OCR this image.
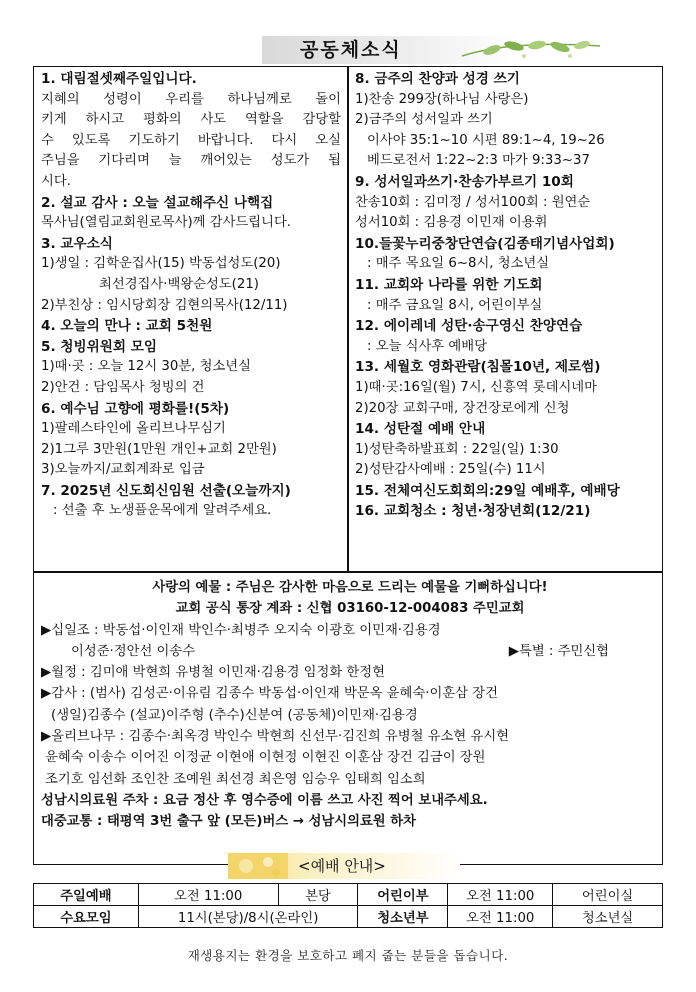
공동체소식
1. 대림절셋째주일입니다.
지혜의 성령이 우리를 하나님께로 돌이
키게 하시고 평화의 사도 역할을 감당할
수 있도록 기도하기 바랍니다. 다시 오실
주님을 기다리며 늘 깨어있는 성도가 됩
시다.
2. 설교 감사 : 오늘 설교해주신 나핵집
목사님(열림교회원로목사)께 감사드립니다.
3. 교우소식
1)생일 : 김학운집사(15) 박동섭성도(20)
최선경집사·백왕순성도(21)
2)부친상 : 임시당회장 김현의목사(12/11)
4. 오늘의 만나 : 교회 5천원
5. 청빙위원회 모임
1)때·곳 : 오늘 12시 30분, 청소년실
2)안건 : 담임목사 청빙의 건
6. 예수님 고향에 평화를!(5차)
1)팔레스타인에 올리브나무심기
2)1그루 3만원(1만원 개인+교회 2만원)
3)오늘까지/교회계좌로 입금
7. 2025년 신도회신임원 선출(오늘까지)
: 선출 후 노생플운목에게 알려주세요.
8. 금주의 찬양과 성경 쓰기
1)찬송 299장(하나님 사랑은)
2)금주의 성서일과 쓰기
이사야 35:1~10 시편 89:1~4, 19~26
베드로전서 1:22~2:3 마가 9:33~37
9. 성서일과쓰기·찬송가부르기 10회
찬송10회 : 김미정 / 성서100회 : 원연순
성서10회 : 김용경 이민재 이용휘
10.들꽃누리중창단연습(김종태기념사업회)
: 매주 목요일 6~8시, 청소년실
11. 교회와 나라를 위한 기도회
: 매주 금요일 8시, 어린이부실
12. 에이레네 성탄·송구영신 찬양연습
: 오늘 식사후 예배당
13. 세월호 영화관람(침몰10년, 제로썸)
1)때·곳:16일(월) 7시, 신흥역 롯데시네마
2)20장 교회구매, 장건장로에게 신청
14. 성탄절 예배 안내
1)성탄축하발표회 : 22일(일) 1:30
2)성탄감사예배 : 25일(수) 11시
15. 전체여신도회회의:29일 예배후, 예배당
16. 교회청소 : 청년·청장년회(12/21)
사랑의 예물 : 주님은 감사한 마음으로 드리는 예물을 기뻐하십니다!
교회 공식 통장 계좌 : 신협 03160-12-004083 주민교회
▶십일조 : 박동섭·이인재 박인수·최병주 오지숙 이광호 이민재·김용경
이성준·정안선 이송수	▶특별 : 주민신협
▶월정 : 김미애 박현희 유병철 이민재·김용경 임정화 한정현
▶감사 : (범사) 김성곤·이유림 김종수 박동섭·이인재 박문옥 윤혜숙·이훈삼 장건
(생일)김종수 (설교)이주형 (추수)신분여 (공동체)이민재·김용경
▶올리브나무 : 김종수·최옥경 박인수 박현희 신선무·김진희 유병철 유소현 유시현
윤혜숙 이송수 이어진 이정균 이현애 이현정 이현진 이훈삼 장건 김금이 장원
조기호 임선화 조인찬 조예원 최선경 최은영 임승우 임태희 임소희
성남시의료원 주차 : 요금 정산 후 영수증에 이름 쓰고 사진 찍어 보내주세요.
대중교통 : 태평역 3번 출구 앞 (모든)버스 → 성남시의료원 하차
<예배 안내>
주일예배	오전 11:00	본당	어린이부	오전 11:00	어린이실
수요모임	11시(본당)/8시(온라인)		청소년부	오전 11:00	청소년실
재생용지는 환경을 보호하고 폐지 줍는 분들을 돕습니다.
